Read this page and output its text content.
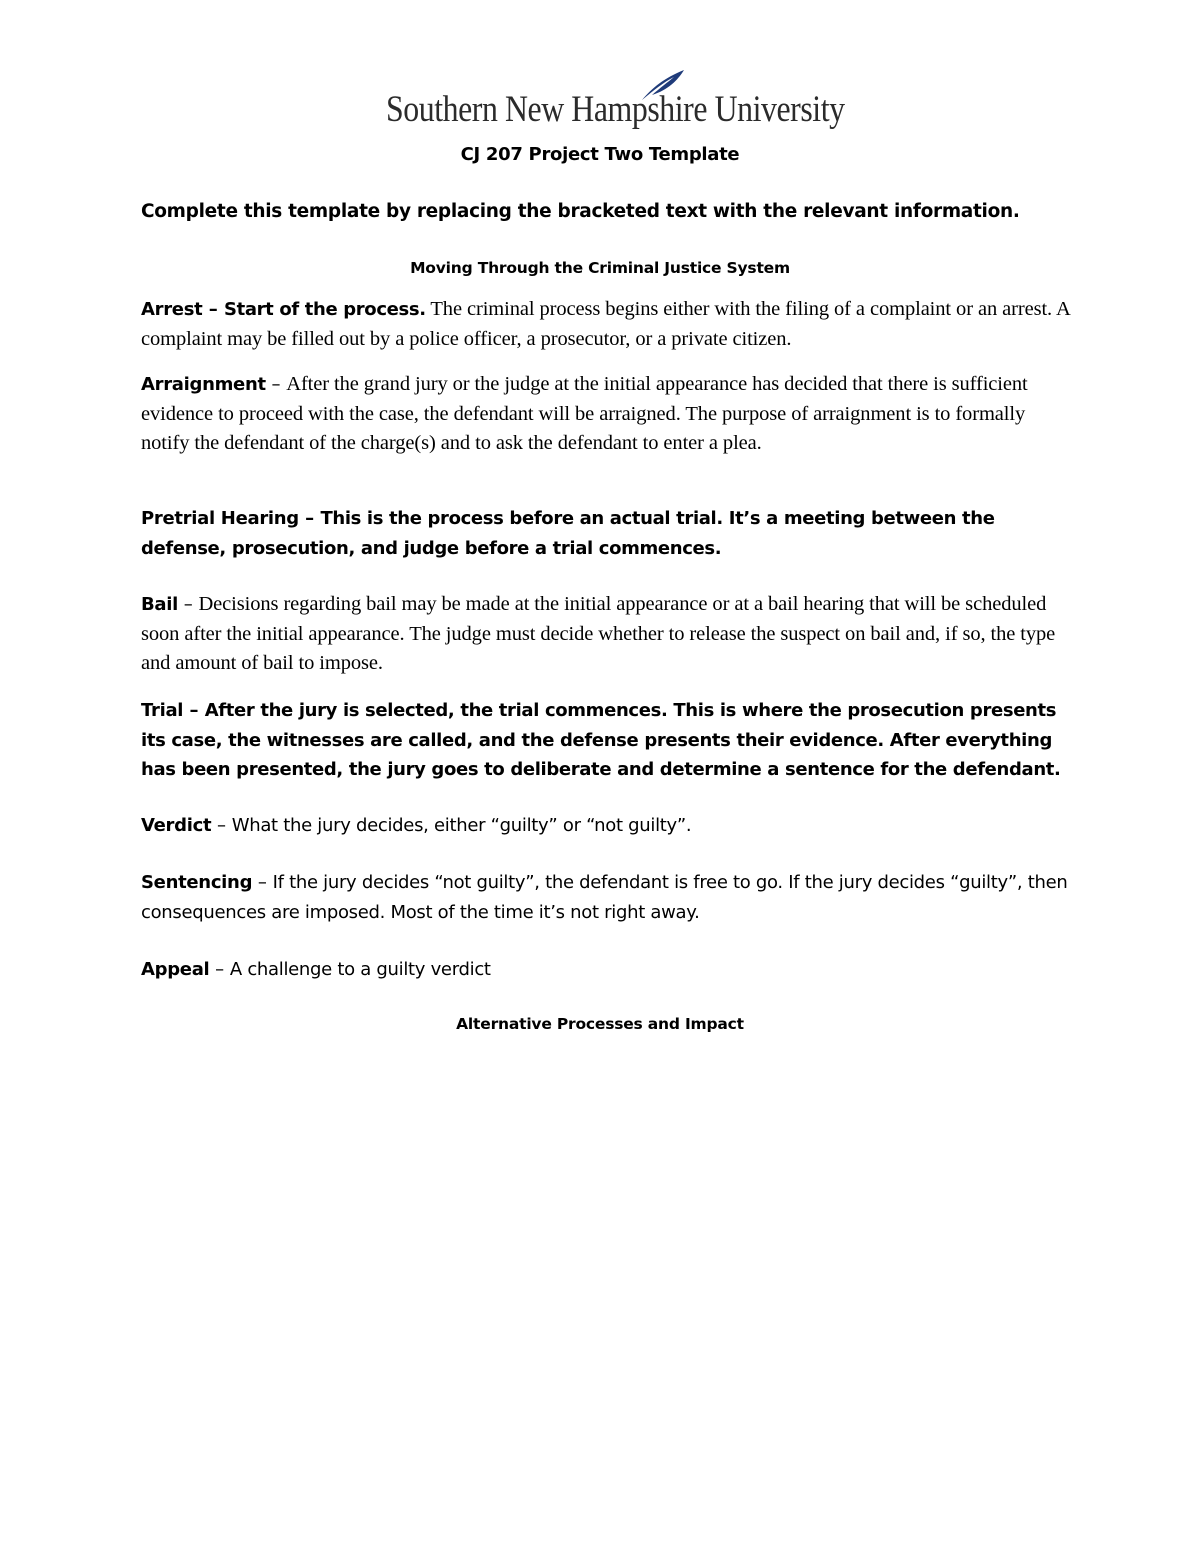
Southern New Hampshire University
CJ 207 Project Two Template
Complete this template by replacing the bracketed text with the relevant information.
Moving Through the Criminal Justice System
Arrest – Start of the process. The criminal process begins either with the filing of a complaint or an arrest. A complaint may be filled out by a police officer, a prosecutor, or a private citizen.
Arraignment – After the grand jury or the judge at the initial appearance has decided that there is sufficient evidence to proceed with the case, the defendant will be arraigned. The purpose of arraignment is to formally notify the defendant of the charge(s) and to ask the defendant to enter a plea.
Pretrial Hearing – This is the process before an actual trial. It’s a meeting between the defense, prosecution, and judge before a trial commences.
Bail – Decisions regarding bail may be made at the initial appearance or at a bail hearing that will be scheduled soon after the initial appearance. The judge must decide whether to release the suspect on bail and, if so, the type and amount of bail to impose.
Trial – After the jury is selected, the trial commences. This is where the prosecution presents its case, the witnesses are called, and the defense presents their evidence. After everything has been presented, the jury goes to deliberate and determine a sentence for the defendant.
Verdict – What the jury decides, either “guilty” or “not guilty”.
Sentencing – If the jury decides “not guilty”, the defendant is free to go. If the jury decides “guilty”, then consequences are imposed. Most of the time it’s not right away.
Appeal – A challenge to a guilty verdict
Alternative Processes and Impact
